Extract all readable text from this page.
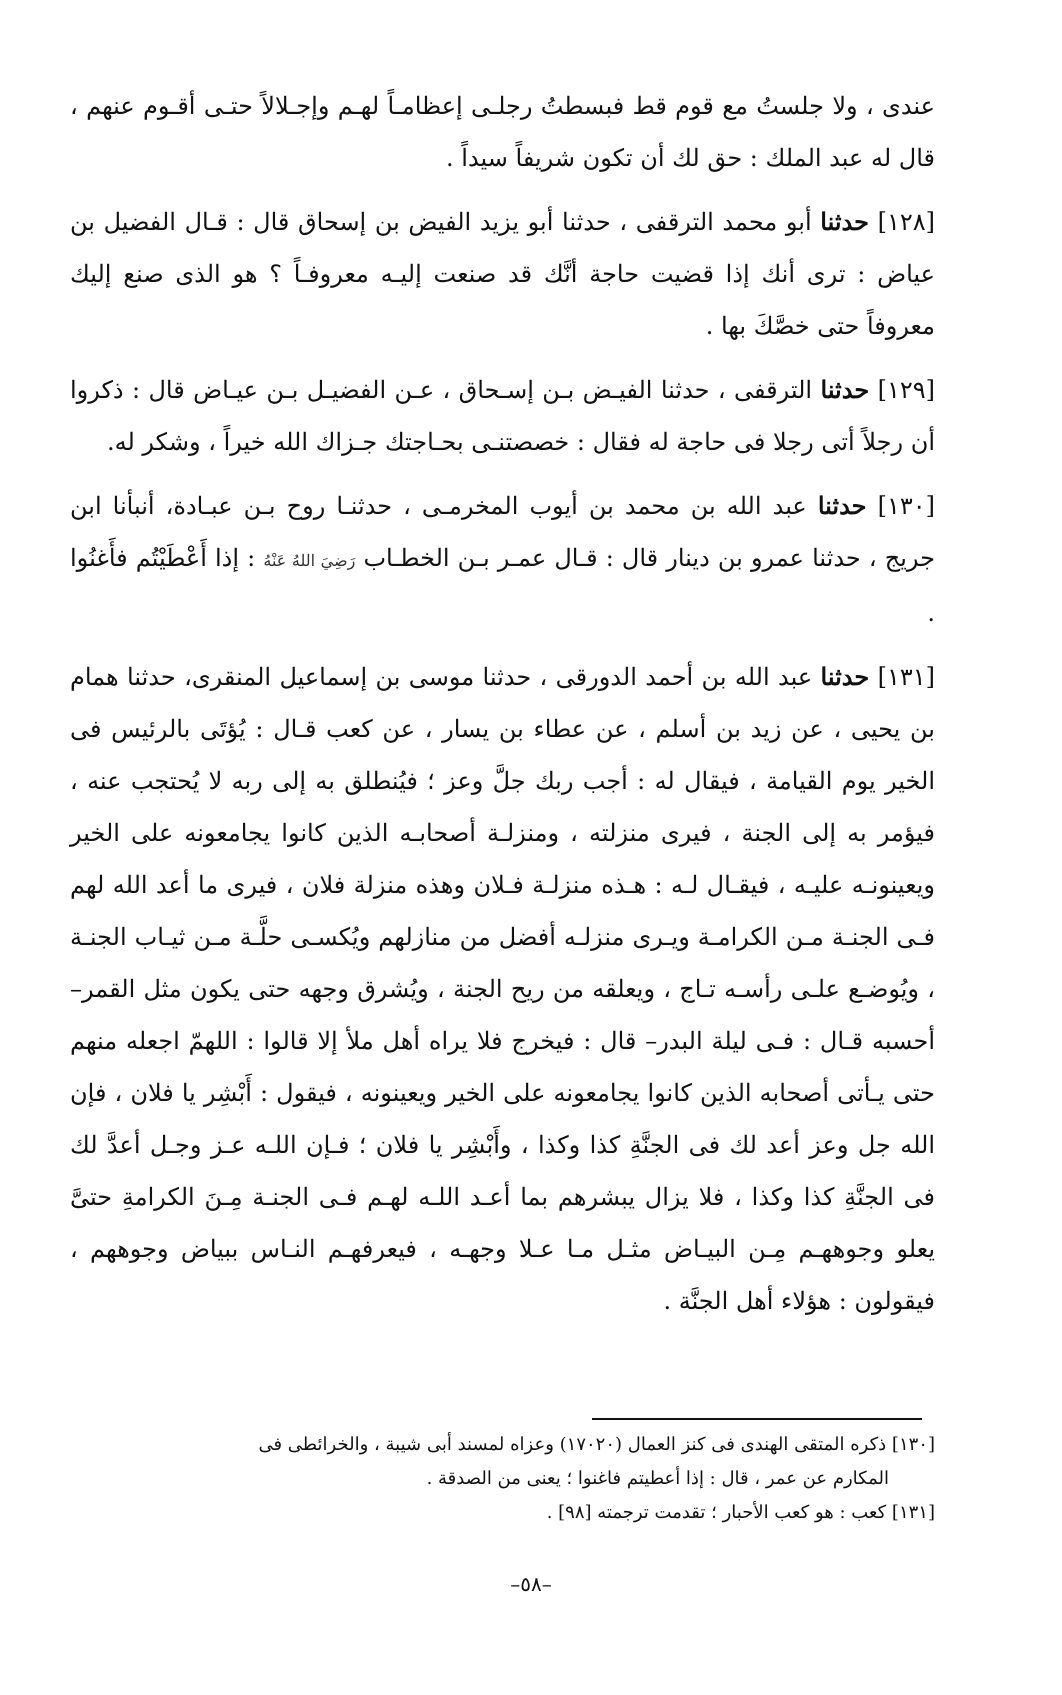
عندى ، ولا جلستُ مع قوم قط فبسطتُ رجلـى إعظامـاً لهـم وإجـلالاً حتـى أقـوم عنهم ، قال له عبد الملك : حق لك أن تكون شريفاً سيداً .

[١٢٨] حدثنا أبو محمد الترقفى ، حدثنا أبو يزيد الفيض بن إسحاق قال : قـال الفضيل بن عياض : ترى أنك إذا قضيت حاجة أنَّك قد صنعت إليـه معروفـاً ؟ هو الذى صنع إليك معروفاً حتى خصَّكَ بها .

[١٢٩] حدثنا الترقفى ، حدثنا الفيـض بـن إسـحاق ، عـن الفضيـل بـن عيـاض قال : ذكروا أن رجلاً أتى رجلا فى حاجة له فقال : خصصتنـى بحـاجتك جـزاك الله خيراً ، وشكر له.

[١٣٠] حدثنا عبد الله بن محمد بن أيوب المخرمـى ، حدثنـا روح بـن عبـادة، أنبأنا ابن جريج ، حدثنا عمرو بن دينار قال : قـال عمـر بـن الخطـاب رَضِيَ اللهُ عَنْهُ : إذا أَعْطَيْتُم فأَغنُوا .

[١٣١] حدثنا عبد الله بن أحمد الدورقى ، حدثنا موسى بن إسماعيل المنقرى، حدثنا همام بن يحيى ، عن زيد بن أسلم ، عن عطاء بن يسار ، عن كعب قـال : يُؤتَى بالرئيس فى الخير يوم القيامة ، فيقال له : أجب ربك جلَّ وعز ؛ فيُنطلق به إلى ربه لا يُحتجب عنه ، فيؤمر به إلى الجنة ، فيرى منزلته ، ومنزلـة أصحابـه الذين كانوا يجامعونه على الخير ويعينونـه عليـه ، فيقـال لـه : هـذه منزلـة فـلان وهذه منزلة فلان ، فيرى ما أعد الله لهم فـى الجنـة مـن الكرامـة ويـرى منزلـه أفضل من منازلهم ويُكسـى حلَّـة مـن ثيـاب الجنـة ، ويُوضـع علـى رأسـه تـاج ، ويعلقه من ريح الجنة ، ويُشرق وجهه حتى يكون مثل القمر– أحسبه قـال : فـى ليلة البدر– قال : فيخرج فلا يراه أهل ملأ إلا قالوا : اللهمّ اجعله منهم حتى يـأتى أصحابه الذين كانوا يجامعونه على الخير ويعينونه ، فيقول : أَبْشِر يا فلان ، فإن الله جل وعز أعد لك فى الجنَّةِ كذا وكذا ، وأَبْشِر يا فلان ؛ فـإن اللـه عـز وجـل أعدَّ لك فى الجنَّةِ كذا وكذا ، فلا يزال يبشرهم بما أعـد اللـه لهـم فـى الجنـة مِـنَ الكرامةِ حتىَّ يعلو وجوههـم مِـن البيـاض مثـل مـا عـلا وجهـه ، فيعرفهـم النـاس ببياض وجوههم ، فيقولون : هؤلاء أهل الجنَّة .

[١٣٠] ذكره المتقى الهندى فى كنز العمال (١٧٠٢٠) وعزاه لمسند أبى شيبة ، والخرائطى فى

المكارم عن عمر ، قال : إذا أعطيتم فاغنوا ؛ يعنى من الصدقة .

[١٣١] كعب : هو كعب الأحبار ؛ تقدمت ترجمته [٩٨] .

–٥٨–
